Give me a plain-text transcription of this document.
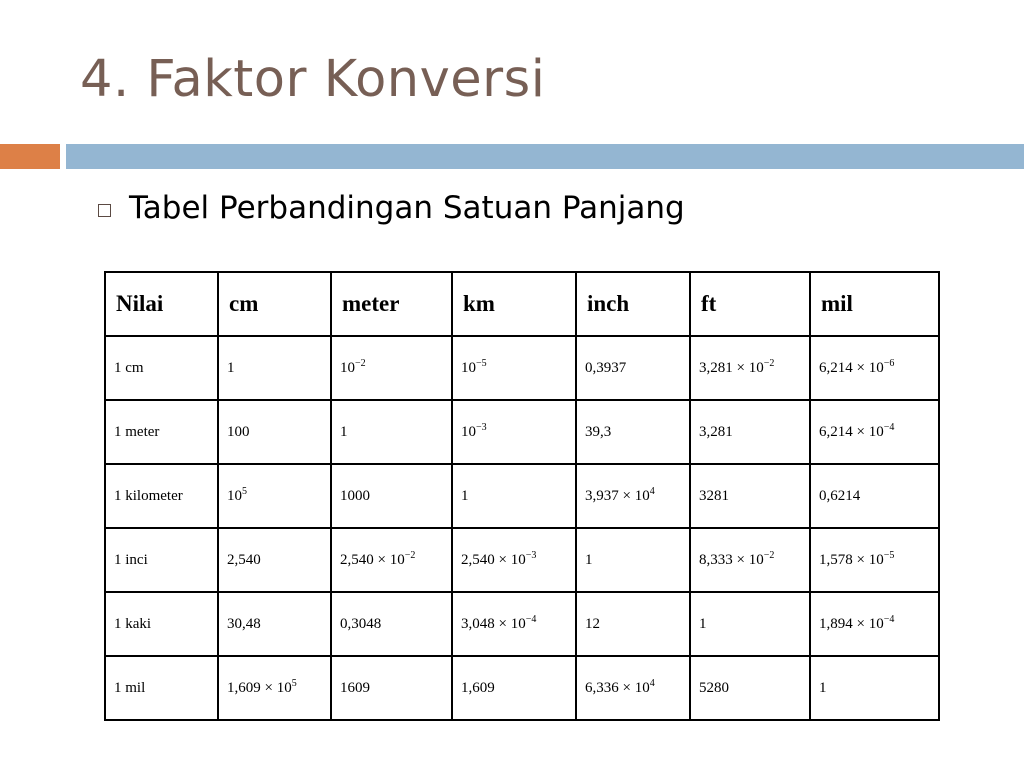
4. Faktor Konversi
Tabel Perbandingan Satuan Panjang
Nilai	cm	meter	km	inch	ft	mil
1 cm	1	$10^{-2}$	$10^{-5}$	0,3937	$3,281 \times 10^{-2}$	$6,214 \times 10^{-6}$
1 meter	100	1	$10^{-3}$	39,3	3,281	$6,214 \times 10^{-4}$
1 kilometer	$10^5$	1000	1	$3,937 \times 10^4$	3281	0,6214
1 inci	2,540	$2,540 \times 10^{-2}$	$2,540 \times 10^{-3}$	1	$8,333 \times 10^{-2}$	$1,578 \times 10^{-5}$
1 kaki	30,48	0,3048	$3,048 \times 10^{-4}$	12	1	$1,894 \times 10^{-4}$
1 mil	$1,609 \times 10^5$	1609	1,609	$6,336 \times 10^4$	5280	1
